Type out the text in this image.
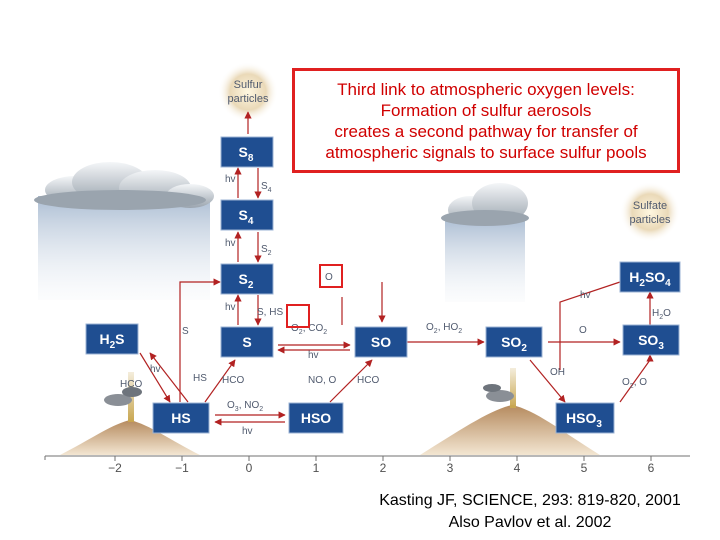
Sulfur
particles
Sulfate
particles
$S_8$
$S_4$
$S_2$
S	SO	$SO_2$
$SO_3$
$H_2SO_4$
$H_2S$
HS	HSO	$HSO_3$
hv
$S_4$
hv
$S_2$
hv S, HS
$O_2$, $CO_2$
O
S
hv
HCO
HS HCO
$O_3$, $NO_2$
hv
hv
NO, O HCO
$O_2$, $HO_2$
hv
$H_2O$
O
OH
$O_2$, O
−2	−1	0	1	2	3	4	5	6
Third link to atmospheric oxygen levels:
Formation of sulfur aerosols
creates a second pathway for transfer of
atmospheric signals to surface sulfur pools
Kasting JF, SCIENCE, 293: 819-820, 2001
Also Pavlov et al. 2002
